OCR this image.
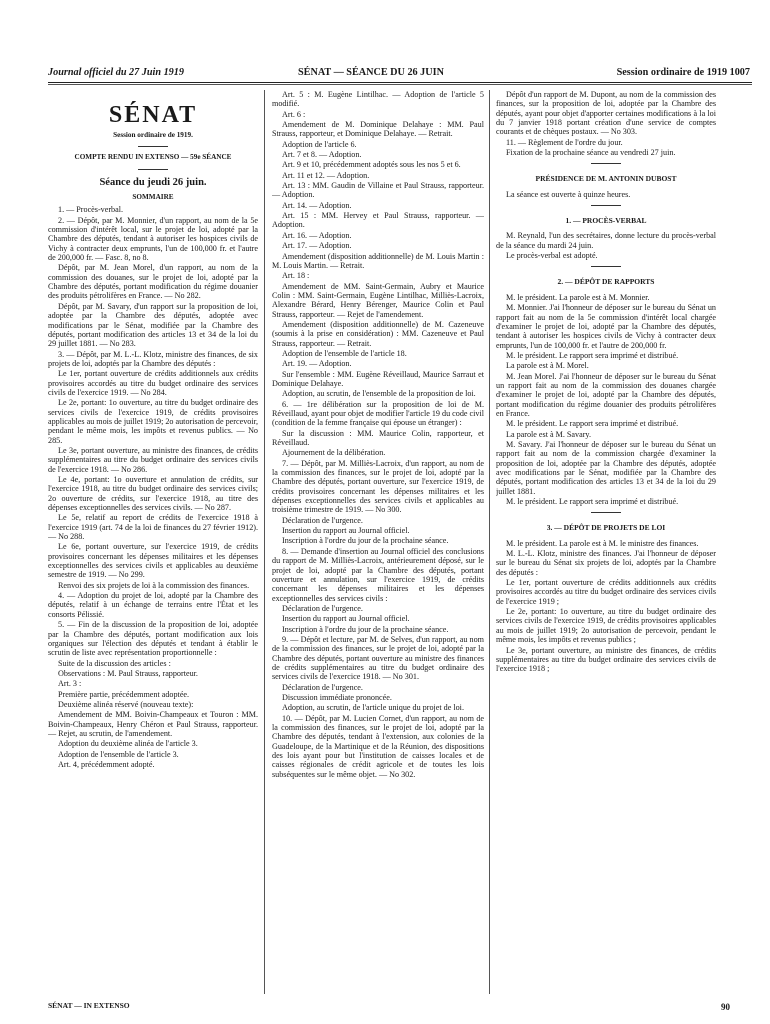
Journal officiel du 27 Juin 1919	SÉNAT — SÉANCE DU 26 JUIN	Session ordinaire de 1919 1007
SÉNAT
Session ordinaire de 1919.
COMPTE RENDU IN EXTENSO — 59e SÉANCE
Séance du jeudi 26 juin.
SOMMAIRE

1. — Procès-verbal.

2. — Dépôt, par M. Monnier, d'un rapport, au nom de la 5e commission d'intérêt local, sur le projet de loi, adopté par la Chambre des députés, tendant à autoriser les hospices civils de Vichy à contracter deux emprunts, l'un de 100,000 fr. et l'autre de 200,000 fr. — Fasc. 8, no 8.

Dépôt, par M. Jean Morel, d'un rapport, au nom de la commission des douanes, sur le projet de loi, adopté par la Chambre des députés, portant modification du régime douanier des produits pétrolifères en France. — No 282.

Dépôt, par M. Savary, d'un rapport sur la proposition de loi, adoptée par la Chambre des députés, adoptée avec modifications par le Sénat, modifiée par la Chambre des députés, portant modification des articles 13 et 34 de la loi du 29 juillet 1881. — No 283.

3. — Dépôt, par M. L.-L. Klotz, ministre des finances, de six projets de loi, adoptés par la Chambre des députés :

Le 1er, portant ouverture de crédits additionnels aux crédits provisoires accordés au titre du budget ordinaire des services civils de l'exercice 1919. — No 284.

Le 2e, portant: 1o ouverture, au titre du budget ordinaire des services civils de l'exercice 1919, de crédits provisoires applicables au mois de juillet 1919; 2o autorisation de percevoir, pendant le même mois, les impôts et revenus publics. — No 285.

Le 3e, portant ouverture, au ministre des finances, de crédits supplémentaires au titre du budget ordinaire des services civils de l'exercice 1918. — No 286.

Le 4e, portant: 1o ouverture et annulation de crédits, sur l'exercice 1918, au titre du budget ordinaire des services civils; 2o ouverture de crédits, sur l'exercice 1918, au titre des dépenses exceptionnelles des services civils. — No 287.

Le 5e, relatif au report de crédits de l'exercice 1918 à l'exercice 1919 (art. 74 de la loi de finances du 27 février 1912). — No 288.

Le 6e, portant ouverture, sur l'exercice 1919, de crédits provisoires concernant les dépenses militaires et les dépenses exceptionnelles des services civils et applicables au deuxième semestre de 1919. — No 299.

Renvoi des six projets de loi à la commission des finances.

4. — Adoption du projet de loi, adopté par la Chambre des députés, relatif à un échange de terrains entre l'État et les consorts Pélissié.

5. — Fin de la discussion de la proposition de loi, adoptée par la Chambre des députés, portant modification aux lois organiques sur l'élection des députés et tendant à établir le scrutin de liste avec représentation proportionnelle :

Suite de la discussion des articles :

Observations : M. Paul Strauss, rapporteur.

Art. 3 :

Première partie, précédemment adoptée.

Deuxième alinéa réservé (nouveau texte):

Amendement de MM. Boivin-Champeaux et Touron : MM. Boivin-Champeaux, Henry Chéron et Paul Strauss, rapporteur. — Rejet, au scrutin, de l'amendement.

Adoption du deuxième alinéa de l'article 3.

Adoption de l'ensemble de l'article 3.

Art. 4, précédemment adopté.

Art. 5 : M. Eugène Lintilhac. — Adoption de l'article 5 modifié.

Art. 6 :

Amendement de M. Dominique Delahaye : MM. Paul Strauss, rapporteur, et Dominique Delahaye. — Retrait.

Adoption de l'article 6.

Art. 7 et 8. — Adoption.

Art. 9 et 10, précédemment adoptés sous les nos 5 et 6.

Art. 11 et 12. — Adoption.

Art. 13 : MM. Gaudin de Villaine et Paul Strauss, rapporteur. — Adoption.

Art. 14. — Adoption.

Art. 15 : MM. Hervey et Paul Strauss, rapporteur. — Adoption.

Art. 16. — Adoption.

Art. 17. — Adoption.

Amendement (disposition additionnelle) de M. Louis Martin : M. Louis Martin. — Retrait.

Art. 18 :

Amendement de MM. Saint-Germain, Aubry et Maurice Colin : MM. Saint-Germain, Eugène Lintilhac, Milliès-Lacroix, Alexandre Bérard, Henry Bérenger, Maurice Colin et Paul Strauss, rapporteur. — Rejet de l'amendement.

Amendement (disposition additionnelle) de M. Cazeneuve (soumis à la prise en considération) : MM. Cazeneuve et Paul Strauss, rapporteur. — Retrait.

Adoption de l'ensemble de l'article 18.

Art. 19. — Adoption.

Sur l'ensemble : MM. Eugène Réveillaud, Maurice Sarraut et Dominique Delahaye.

Adoption, au scrutin, de l'ensemble de la proposition de loi.

6. — 1re délibération sur la proposition de loi de M. Réveillaud, ayant pour objet de modifier l'article 19 du code civil (condition de la femme française qui épouse un étranger) :

Sur la discussion : MM. Maurice Colin, rapporteur, et Réveillaud.

Ajournement de la délibération.

7. — Dépôt, par M. Milliès-Lacroix, d'un rapport, au nom de la commission des finances, sur le projet de loi, adopté par la Chambre des députés, portant ouverture, sur l'exercice 1919, de crédits provisoires concernant les dépenses militaires et les dépenses exceptionnelles des services civils et applicables au troisième trimestre de 1919. — No 300.

Déclaration de l'urgence.

Insertion du rapport au Journal officiel.

Inscription à l'ordre du jour de la prochaine séance.

8. — Demande d'insertion au Journal officiel des conclusions du rapport de M. Milliès-Lacroix, antérieurement déposé, sur le projet de loi, adopté par la Chambre des députés, portant ouverture et annulation, sur l'exercice 1919, de crédits concernant les dépenses militaires et les dépenses exceptionnelles des services civils :

Déclaration de l'urgence.

Insertion du rapport au Journal officiel.

Inscription à l'ordre du jour de la prochaine séance.

9. — Dépôt et lecture, par M. de Selves, d'un rapport, au nom de la commission des finances, sur le projet de loi, adopté par la Chambre des députés, portant ouverture au ministre des finances de crédits supplémentaires au titre du budget ordinaire des services civils de l'exercice 1918. — No 301.

Déclaration de l'urgence.

Discussion immédiate prononcée.

Adoption, au scrutin, de l'article unique du projet de loi.

10. — Dépôt, par M. Lucien Cornet, d'un rapport, au nom de la commission des finances, sur le projet de loi, adopté par la Chambre des députés, tendant à l'extension, aux colonies de la Guadeloupe, de la Martinique et de la Réunion, des dispositions des lois ayant pour but l'institution de caisses locales et de caisses régionales de crédit agricole et de toutes les lois subséquentes sur le même objet. — No 302.

Dépôt d'un rapport de M. Dupont, au nom de la commission des finances, sur la proposition de loi, adoptée par la Chambre des députés, ayant pour objet d'apporter certaines modifications à la loi du 7 janvier 1918 portant création d'une service de comptes courants et de chèques postaux. — No 303.

11. — Règlement de l'ordre du jour.

Fixation de la prochaine séance au vendredi 27 juin.

PRÉSIDENCE DE M. ANTONIN DUBOST

La séance est ouverte à quinze heures.

1. — PROCÈS-VERBAL

M. Reynald, l'un des secrétaires, donne lecture du procès-verbal de la séance du mardi 24 juin.

Le procès-verbal est adopté.

2. — DÉPÔT DE RAPPORTS

M. le président. La parole est à M. Monnier.

M. Monnier. J'ai l'honneur de déposer sur le bureau du Sénat un rapport fait au nom de la 5e commission d'intérêt local chargée d'examiner le projet de loi, adopté par la Chambre des députés, tendant à autoriser les hospices civils de Vichy à contracter deux emprunts, l'un de 100,000 fr. et l'autre de 200,000 fr.

M. le président. Le rapport sera imprimé et distribué.

La parole est à M. Morel.

M. Jean Morel. J'ai l'honneur de déposer sur le bureau du Sénat un rapport fait au nom de la commission des douanes chargée d'examiner le projet de loi, adopté par la Chambre des députés, portant modification du régime douanier des produits pétrolifères en France.

M. le président. Le rapport sera imprimé et distribué.

La parole est à M. Savary.

M. Savary. J'ai l'honneur de déposer sur le bureau du Sénat un rapport fait au nom de la commission chargée d'examiner la proposition de loi, adoptée par la Chambre des députés, adoptée avec modifications par le Sénat, modifiée par la Chambre des députés, portant modification des articles 13 et 34 de la loi du 29 juillet 1881.

M. le président. Le rapport sera imprimé et distribué.

3. — DÉPÔT DE PROJETS DE LOI

M. le président. La parole est à M. le ministre des finances.

M. L.-L. Klotz, ministre des finances. J'ai l'honneur de déposer sur le bureau du Sénat six projets de loi, adoptés par la Chambre des députés :

Le 1er, portant ouverture de crédits additionnels aux crédits provisoires accordés au titre du budget ordinaire des services civils de l'exercice 1919 ;

Le 2e, portant: 1o ouverture, au titre du budget ordinaire des services civils de l'exercice 1919, de crédits provisoires applicables au mois de juillet 1919; 2o autorisation de percevoir, pendant le même mois, les impôts et revenus publics ;

Le 3e, portant ouverture, au ministre des finances, de crédits supplémentaires au titre du budget ordinaire des services civils de l'exercice 1918 ;

SÉNAT — IN EXTENSO	90
